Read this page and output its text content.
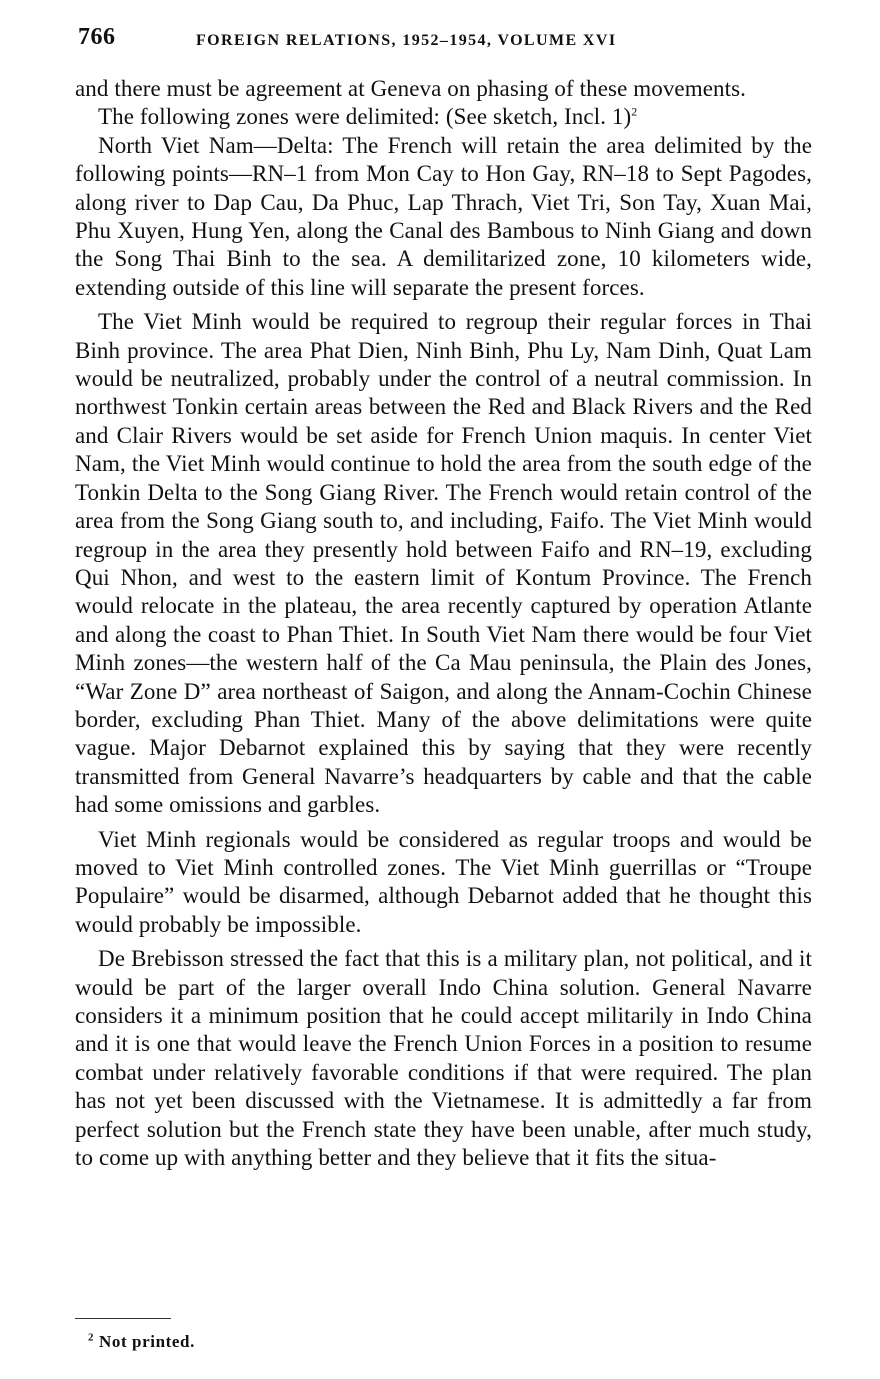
766	FOREIGN RELATIONS, 1952–1954, VOLUME XVI

and there must be agreement at Geneva on phasing of these movements.

The following zones were delimited: (See sketch, Incl. 1)$^2$

North Viet Nam—Delta: The French will retain the area delimited by the following points—RN–1 from Mon Cay to Hon Gay, RN–18 to Sept Pagodes, along river to Dap Cau, Da Phuc, Lap Thrach, Viet Tri, Son Tay, Xuan Mai, Phu Xuyen, Hung Yen, along the Canal des Bambous to Ninh Giang and down the Song Thai Binh to the sea. A demilitarized zone, 10 kilometers wide, extending outside of this line will separate the present forces.

The Viet Minh would be required to regroup their regular forces in Thai Binh province. The area Phat Dien, Ninh Binh, Phu Ly, Nam Dinh, Quat Lam would be neutralized, probably under the control of a neutral commission. In northwest Tonkin certain areas between the Red and Black Rivers and the Red and Clair Rivers would be set aside for French Union maquis. In center Viet Nam, the Viet Minh would continue to hold the area from the south edge of the Tonkin Delta to the Song Giang River. The French would retain control of the area from the Song Giang south to, and including, Faifo. The Viet Minh would regroup in the area they presently hold between Faifo and RN–19, excluding Qui Nhon, and west to the eastern limit of Kontum Province. The French would relocate in the plateau, the area recently captured by operation Atlante and along the coast to Phan Thiet. In South Viet Nam there would be four Viet Minh zones—the western half of the Ca Mau peninsula, the Plain des Jones, “War Zone D” area northeast of Saigon, and along the Annam-Cochin Chinese border, excluding Phan Thiet. Many of the above delimitations were quite vague. Major Debarnot explained this by saying that they were recently transmitted from General Navarre’s headquarters by cable and that the cable had some omissions and garbles.

Viet Minh regionals would be considered as regular troops and would be moved to Viet Minh controlled zones. The Viet Minh guerrillas or “Troupe Populaire” would be disarmed, although Debarnot added that he thought this would probably be impossible.

De Brebisson stressed the fact that this is a military plan, not political, and it would be part of the larger overall Indo China solution. General Navarre considers it a minimum position that he could accept militarily in Indo China and it is one that would leave the French Union Forces in a position to resume combat under relatively favorable conditions if that were required. The plan has not yet been discussed with the Vietnamese. It is admittedly a far from perfect solution but the French state they have been unable, after much study, to come up with anything better and they believe that it fits the situa-

$^2$ Not printed.
